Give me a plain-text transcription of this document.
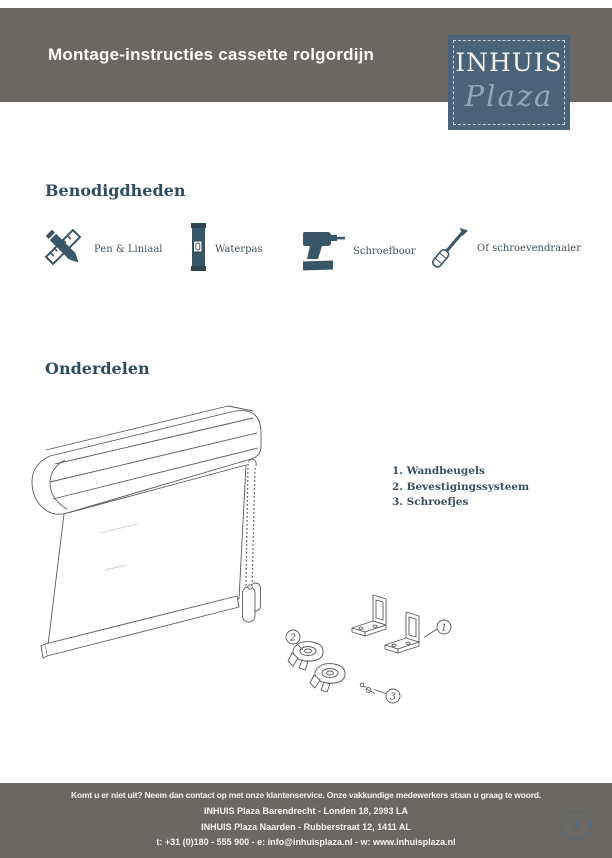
Montage-instructies cassette rolgordijn	INHUIS
Plaza
Benodigdheden
Pen & Liniaal	Waterpas	Schroefboor	Of schroevendraaier
Onderdelen
1. Wandbeugels
2. Bevestigingssysteem
3. Schroefjes
1
2
3
Komt u er niet uit? Neem dan contact op met onze klantenservice. Onze vakkundige medewerkers staan u graag te woord.
INHUIS Plaza Barendrecht - Londen 18, 2993 LA
INHUIS Plaza Naarden - Rubberstraat 12, 1411 AL
t: +31 (0)180 - 555 900 - e: info@inhuisplaza.nl - w: www.inhuisplaza.nl
1
